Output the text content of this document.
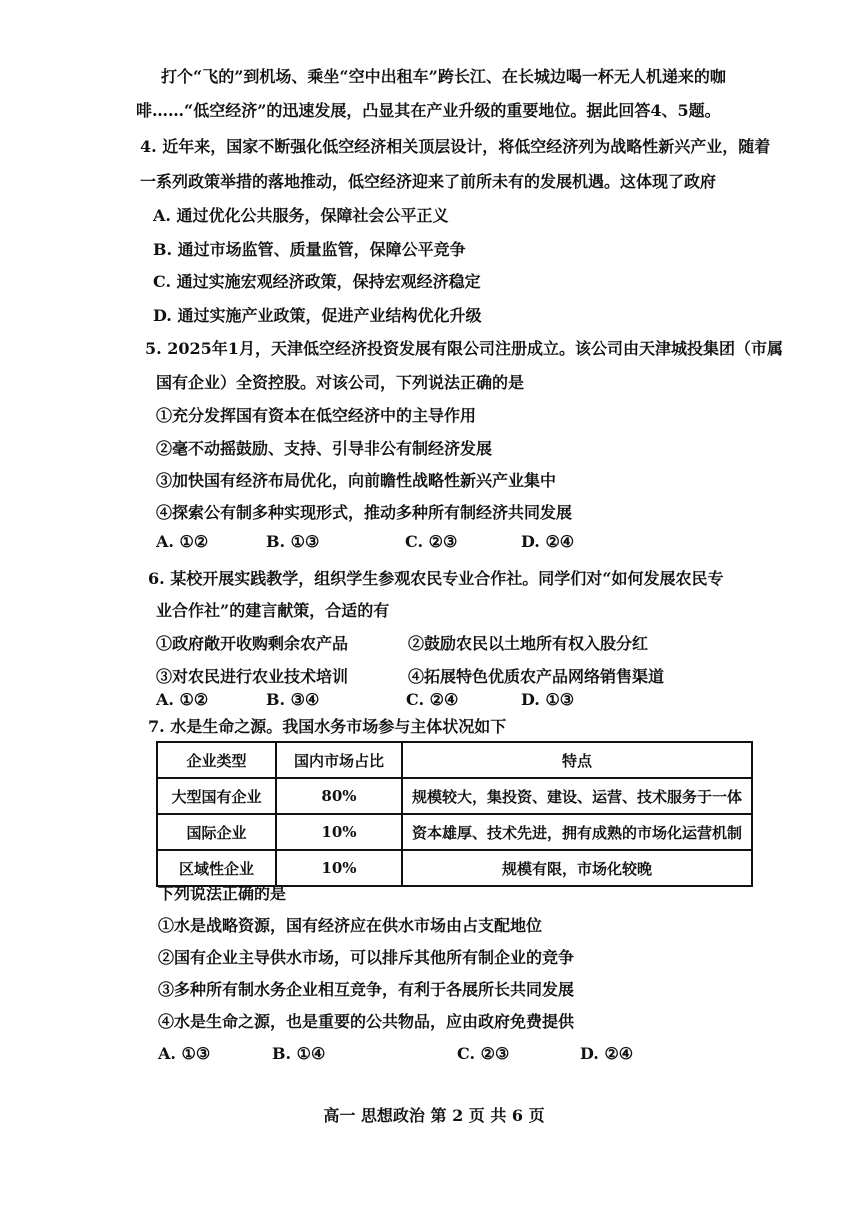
打个“飞的”到机场、乘坐“空中出租车”跨长江、在长城边喝一杯无人机递来的咖
啡……“低空经济”的迅速发展，凸显其在产业升级的重要地位。据此回答4、5题。
4. 近年来，国家不断强化低空经济相关顶层设计，将低空经济列为战略性新兴产业，随着
一系列政策举措的落地推动，低空经济迎来了前所未有的发展机遇。这体现了政府
A. 通过优化公共服务，保障社会公平正义
B. 通过市场监管、质量监管，保障公平竞争
C. 通过实施宏观经济政策，保持宏观经济稳定
D. 通过实施产业政策，促进产业结构优化升级
5. 2025年1月，天津低空经济投资发展有限公司注册成立。该公司由天津城投集团（市属
国有企业）全资控股。对该公司，下列说法正确的是
①充分发挥国有资本在低空经济中的主导作用
②毫不动摇鼓励、支持、引导非公有制经济发展
③加快国有经济布局优化，向前瞻性战略性新兴产业集中
④探索公有制多种实现形式，推动多种所有制经济共同发展
A. ①②	B. ①③	C. ②③	D. ②④
6. 某校开展实践教学，组织学生参观农民专业合作社。同学们对“如何发展农民专
业合作社”的建言献策，合适的有
①政府敞开收购剩余农产品	②鼓励农民以土地所有权入股分红
③对农民进行农业技术培训	④拓展特色优质农产品网络销售渠道
A. ①②	B. ③④	C. ②④	D. ①③
7. 水是生命之源。我国水务市场参与主体状况如下
企业类型	国内市场占比	特点
大型国有企业	80%	规模较大，集投资、建设、运营、技术服务于一体
国际企业	10%	资本雄厚、技术先进，拥有成熟的市场化运营机制
区域性企业	10%	规模有限，市场化较晚
下列说法正确的是
①水是战略资源，国有经济应在供水市场由占支配地位
②国有企业主导供水市场，可以排斥其他所有制企业的竞争
③多种所有制水务企业相互竞争，有利于各展所长共同发展
④水是生命之源，也是重要的公共物品，应由政府免费提供
A. ①③	B. ①④	C. ②③	D. ②④
高一 思想政治 第 2 页 共 6 页
